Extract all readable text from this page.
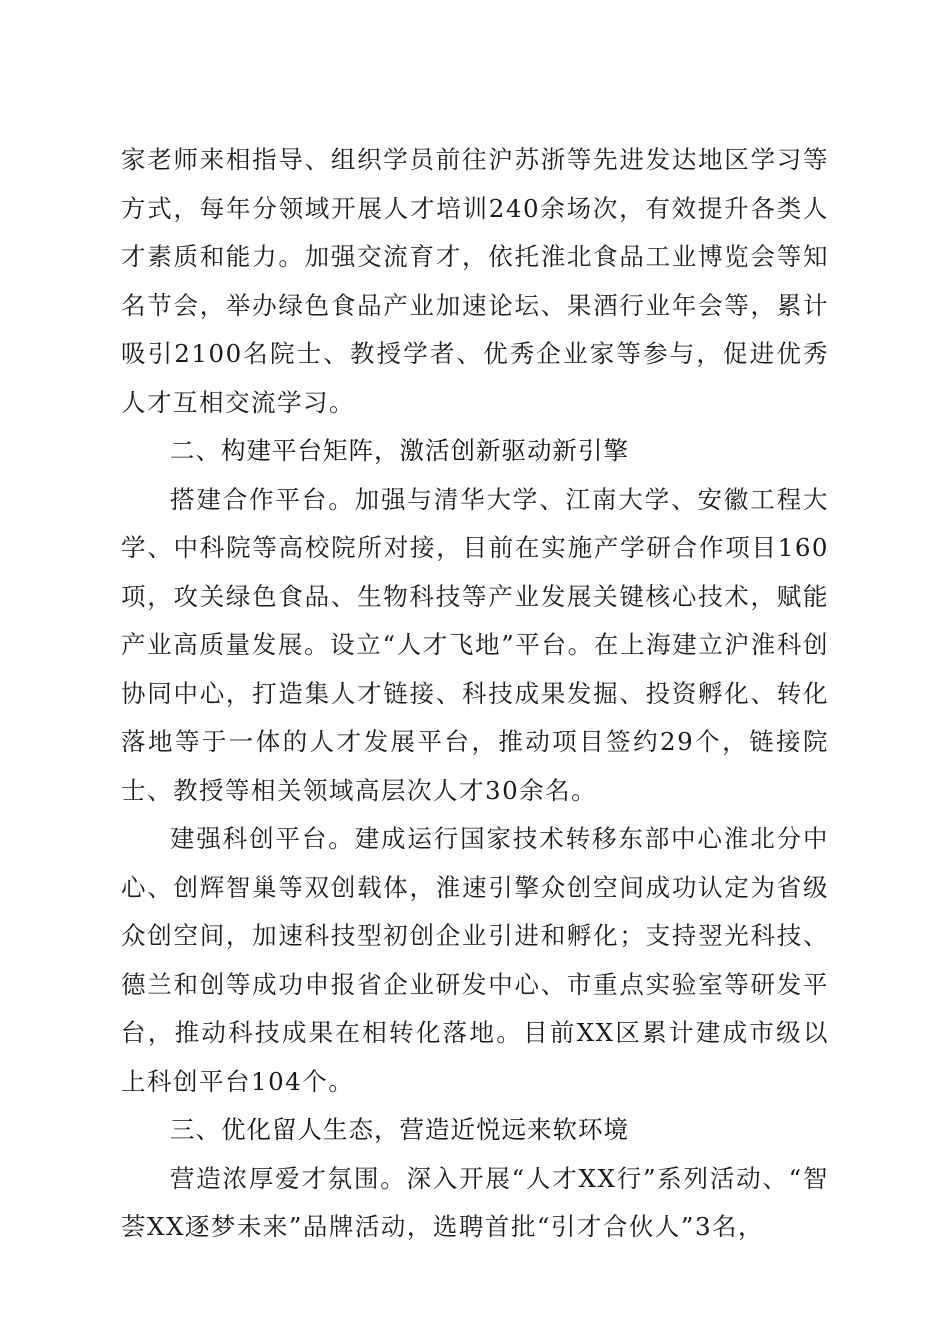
家老师来相指导、组织学员前往沪苏浙等先进发达地区学习等方式，每年分领域开展人才培训240余场次，有效提升各类人才素质和能力。加强交流育才，依托淮北食品工业博览会等知名节会，举办绿色食品产业加速论坛、果酒行业年会等，累计吸引2100名院士、教授学者、优秀企业家等参与，促进优秀人才互相交流学习。

二、构建平台矩阵，激活创新驱动新引擎

搭建合作平台。加强与清华大学、江南大学、安徽工程大学、中科院等高校院所对接，目前在实施产学研合作项目160项，攻关绿色食品、生物科技等产业发展关键核心技术，赋能产业高质量发展。设立“人才飞地”平台。在上海建立沪淮科创协同中心，打造集人才链接、科技成果发掘、投资孵化、转化落地等于一体的人才发展平台，推动项目签约29个，链接院士、教授等相关领域高层次人才30余名。

建强科创平台。建成运行国家技术转移东部中心淮北分中心、创辉智巢等双创载体，淮速引擎众创空间成功认定为省级众创空间，加速科技型初创企业引进和孵化；支持翌光科技、德兰和创等成功申报省企业研发中心、市重点实验室等研发平台，推动科技成果在相转化落地。目前XX区累计建成市级以上科创平台104个。

三、优化留人生态，营造近悦远来软环境

营造浓厚爱才氛围。深入开展“人才XX行”系列活动、“智荟XX逐梦未来”品牌活动，选聘首批“引才合伙人”3名，
